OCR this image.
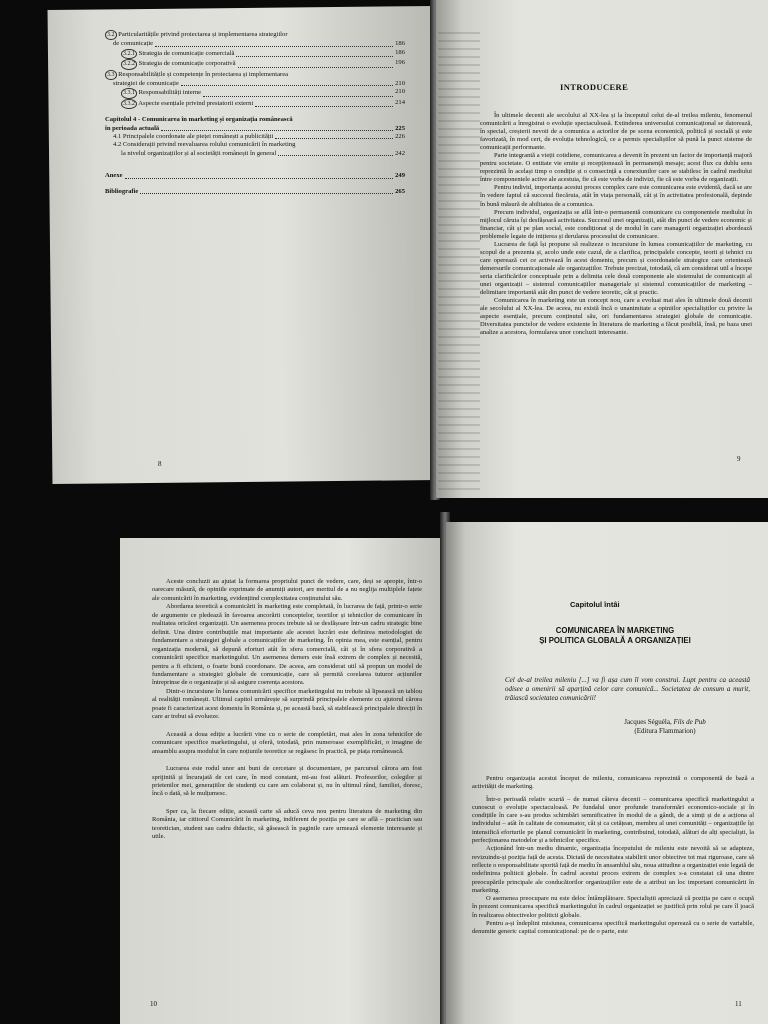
3.2 Particularitățile privind proiectarea și implementarea strategiilor
de comunicație	186
3.2.1 Strategia de comunicație comercială	186
3.2.2 Strategia de comunicație corporativă	196
3.3 Responsabilitățile și competențe în proiectarea și implementarea
strategiei de comunicație	210
3.3.1 Responsabilități interne	210
3.3.2 Aspecte esențiale privind prestatorii externi	214
Capitolul 4 - Comunicarea în marketing și organizația românească
în perioada actuală	225
4.1 Principalele coordonate ale pieței românești a publicității	226
4.2 Considerații privind reevaluarea rolului comunicării în marketing
la nivelul organizațiilor și al societății românești în general	242
Anexe	249
Bibliografie	265
8
9
10	11
INTRODUCERE

În ultimele decenii ale secolului al XX-lea și la începutul celui de-al treilea mileniu, fenomenul comunicării a înregistrat o evoluție spectaculoasă. Extinderea universului comunicațional se datorează, în special, creșterii nevoii de a comunica a actorilor de pe scena economică, politică și socială și este favorizată, în mod cert, de evoluția tehnologică, ce a permis specialiștilor să pună la punct sisteme de comunicații performante.

Parte integrantă a vieții cotidiene, comunicarea a devenit în prezent un factor de importanță majoră pentru societate. O entitate vie emite și recepționează în permanență mesaje; acest flux cu dublu sens reprezintă în același timp o condiție și o consecință a conexiunilor care se stabilesc în cadrul mediului între componentele active ale acestuia, fie că este vorba de indivizi, fie că este vorba de organizații.

Pentru individ, importanța acestui proces complex care este comunicarea este evidentă, dacă se are în vedere faptul că succesul fiecăruia, atât în viața personală, cât și în activitatea profesională, depinde în bună măsură de abilitatea de a comunica.

Precum individul, organizația se află într-o permanentă comunicare cu componentele mediului în mijlocul căruia își desfășoară activitatea. Succesul unei organizații, atât din punct de vedere economic și financiar, cât și pe plan social, este condiționat și de modul în care managerii organizației abordează problemele legate de inițierea și derularea procesului de comunicare.

Lucrarea de față își propune să realizeze o incursiune în lumea comunicațiilor de marketing, cu scopul de a prezenta și, acolo unde este cazul, de a clarifica, principalele concepte, teorii și tehnici cu care operează cei ce activează în acest domeniu, precum și coordonatele strategice care orientează demersurile comunicaționale ale organizațiilor. Trebuie precizat, totodată, că am considerat util a începe seria clarificărilor conceptuale prin a delimita cele două componente ale sistemului de comunicații al unei organizații – sistemul comunicațiilor manageriale și sistemul comunicațiilor de marketing – delimitare importantă atât din punct de vedere teoretic, cât și practic.

Comunicarea în marketing este un concept nou, care a evoluat mai ales în ultimele două decenii ale secolului al XX-lea. De aceea, nu există încă o unanimitate a opiniilor specialiștilor cu privire la aspecte esențiale, precum conținutul său, ori fundamentarea strategiei globale de comunicație. Diversitatea punctelor de vedere existente în literatura de marketing a făcut posibilă, însă, pe baza unei analize a acestora, formularea unor concluzii interesante.

Aceste concluzii au ajutat la formarea propriului punct de vedere, care, deși se apropie, într-o oarecare măsură, de opiniile exprimate de anumiți autori, are meritul de a nu neglija multiplele fațete ale comunicării în marketing, evidențiind complexitatea conținutului său.

Abordarea teoretică a comunicării în marketing este completată, în lucrarea de față, printr-o serie de argumente ce pledează în favoarea ancorării conceptelor, teoriilor și tehnicilor de comunicare în realitatea oricărei organizații. Un asemenea proces trebuie să se desfășoare într-un cadru strategic bine definit. Una dintre contribuțiile mai importante ale acestei lucrări este definirea metodologiei de fundamentare a strategiei globale a comunicațiilor de marketing. În opinia mea, este esențial, pentru organizația modernă, să depună eforturi atât în sfera comercială, cât și în sfera corporativă a comunicării specifice marketingului. Un asemenea demers este însă extrem de complex și necesită, pentru a fi eficient, o foarte bună coordonare. De aceea, am considerat util să propun un model de fundamentare a strategiei globale de comunicație, care să permită corelarea tuturor acțiunilor întreprinse de o organizație și să asigure coerența acestora.

Dintr-o incursiune în lumea comunicării specifice marketingului nu trebuie să lipsească un tablou al realității românești. Ultimul capitol urmărește să surprindă principalele elemente cu ajutorul cărora poate fi caracterizat acest domeniu în România și, pe această bază, să stabilească principalele direcții în care ar trebui să evolueze.

Această a doua ediție a lucrării vine cu o serie de completări, mai ales în zona tehnicilor de comunicare specifice marketingului, și oferă, totodată, prin numeroase exemplificări, o imagine de ansamblu asupra modului în care noțiunile teoretice se regăsesc în practică, pe piața românească.

Lucrarea este rodul unor ani buni de cercetare și documentare, pe parcursul cărora am fost sprijinită și încurajată de cei care, în mod constant, mi-au fost alături. Profesorilor, colegilor și prietenilor mei, generațiilor de studenți cu care am colaborat și, nu în ultimul rând, familiei, doresc, încă o dată, să le mulțumesc.

Sper ca, la fiecare ediție, această carte să aducă ceva nou pentru literatura de marketing din România, iar cititorul Comunicării în marketing, indiferent de poziția pe care se află – practician sau teoretician, student sau cadru didactic, să găsească în paginile care urmează elemente interesante și utile.

Capitolul întâi
COMUNICAREA ÎN MARKETING
ȘI POLITICA GLOBALĂ A ORGANIZAȚIEI
Cel de-al treilea mileniu [...] va fi așa cum îl vom construi. Lupt pentru ca această odisee a omenirii să aparțină celor care comunică... Societatea de consum a murit, trăiască societatea comunicării!
Jacques Séguéla, Fils de Pub
(Editura Flammarion)

Pentru organizația acestui început de mileniu, comunicarea reprezintă o componentă de bază a activității de marketing.

Într-o perioadă relativ scurtă – de numai câteva decenii – comunicarea specifică marketingului a cunoscut o evoluție spectaculoasă. Pe fundalul unor profunde transformări economico-sociale și în condițiile în care s-au produs schimbări semnificative în modul de a gândi, de a simți și de a acționa al individului – atât în calitate de consumator, cât și ca cetățean, membru al unei comunități – organizațiile își intensifică eforturile pe planul comunicării în marketing, contribuind, totodată, alături de alți specialiști, la perfecționarea metodelor și a tehnicilor specifice.

Acționând într-un mediu dinamic, organizația începutului de mileniu este nevoită să se adapteze, revizuindu-și poziția față de acesta. Dictată de necesitatea stabilirii unor obiective tot mai riguroase, care să reflecte o responsabilitate sporită față de mediu în ansamblul său, noua atitudine a organizației este legată de redefinirea politicii globale. În cadrul acestui proces extrem de complex s-a constatat că una dintre preocupările principale ale conducătorilor organizațiilor este de a atribui un loc important comunicării în marketing.

O asemenea preocupare nu este deloc întâmplătoare. Specialiștii apreciază că poziția pe care o ocupă în prezent comunicarea specifică marketingului în cadrul organizației se justifică prin rolul pe care îl joacă în realizarea obiectivelor politicii globale.

Pentru a-și îndeplini misiunea, comunicarea specifică marketingului operează cu o serie de variabile, denumite generic capital comunicațional: pe de o parte, este
